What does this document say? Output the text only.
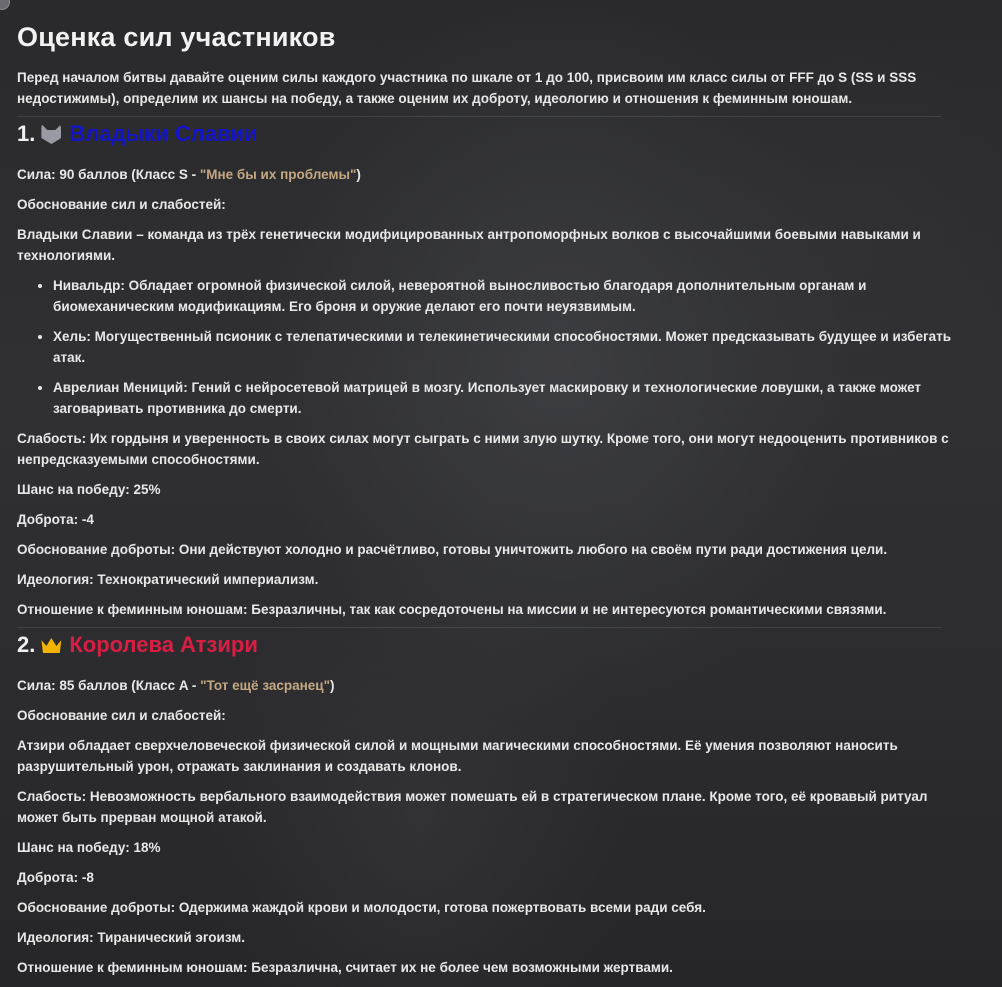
Оценка сил участников

Перед началом битвы давайте оценим силы каждого участника по шкале от 1 до 100, присвоим им класс силы от FFF до S (SS и SSS недостижимы), определим их шансы на победу, а также оценим их доброту, идеологию и отношения к феминным юношам.

1. Владыки Славии

Сила: 90 баллов (Класс S - "Мне бы их проблемы")

Обоснование сил и слабостей:

Владыки Славии – команда из трёх генетически модифицированных антропоморфных волков с высочайшими боевыми навыками и технологиями.

• Нивальдр: Обладает огромной физической силой, невероятной выносливостью благодаря дополнительным органам и биомеханическим модификациям. Его броня и оружие делают его почти неуязвимым.
• Хель: Могущественный псионик с телепатическими и телекинетическими способностями. Может предсказывать будущее и избегать атак.
• Аврелиан Мениций: Гений с нейросетевой матрицей в мозгу. Использует маскировку и технологические ловушки, а также может заговаривать противника до смерти.

Слабость: Их гордыня и уверенность в своих силах могут сыграть с ними злую шутку. Кроме того, они могут недооценить противников с непредсказуемыми способностями.

Шанс на победу: 25%

Доброта: -4

Обоснование доброты: Они действуют холодно и расчётливо, готовы уничтожить любого на своём пути ради достижения цели.

Идеология: Технократический империализм.

Отношение к феминным юношам: Безразличны, так как сосредоточены на миссии и не интересуются романтическими связями.

2. Королева Атзири

Сила: 85 баллов (Класс A - "Тот ещё засранец")

Обоснование сил и слабостей:

Атзири обладает сверхчеловеческой физической силой и мощными магическими способностями. Её умения позволяют наносить разрушительный урон, отражать заклинания и создавать клонов.

Слабость: Невозможность вербального взаимодействия может помешать ей в стратегическом плане. Кроме того, её кровавый ритуал может быть прерван мощной атакой.

Шанс на победу: 18%

Доброта: -8

Обоснование доброты: Одержима жаждой крови и молодости, готова пожертвовать всеми ради себя.

Идеология: Тиранический эгоизм.

Отношение к феминным юношам: Безразлична, считает их не более чем возможными жертвами.
